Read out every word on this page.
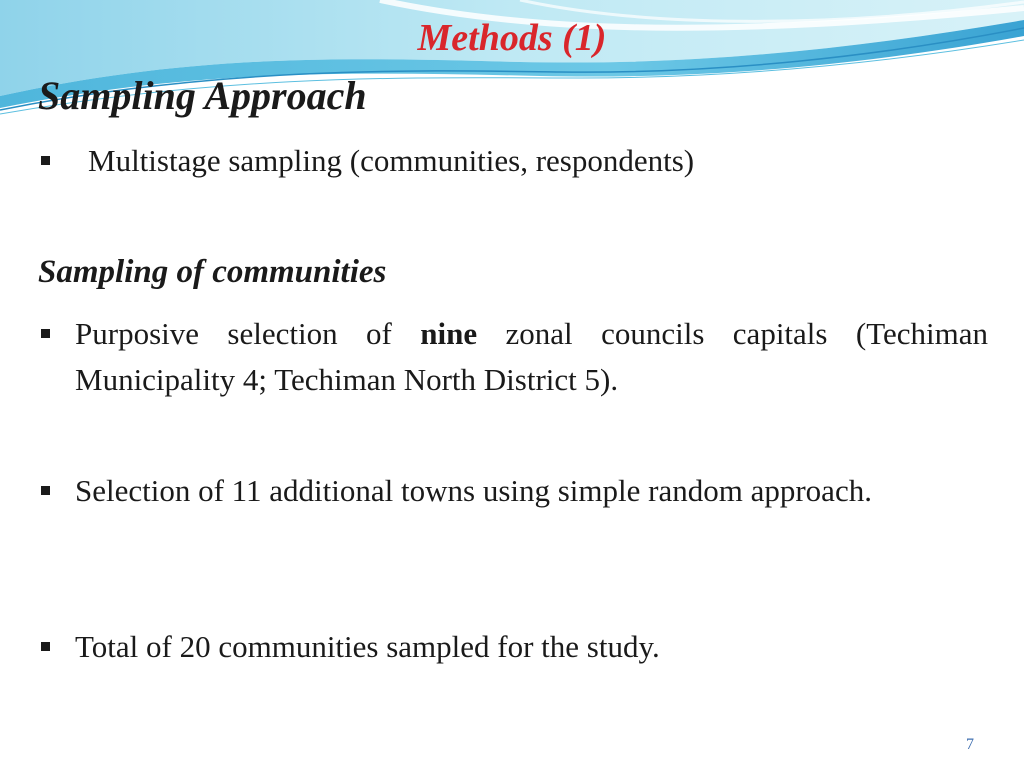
Methods (1)
Sampling Approach
Multistage sampling (communities, respondents)
Sampling of communities
Purposive selection of nine zonal councils capitals (Techiman Municipality 4; Techiman North District 5).
Selection of 11 additional towns using simple random approach.
Total of 20 communities sampled for the study.
7
